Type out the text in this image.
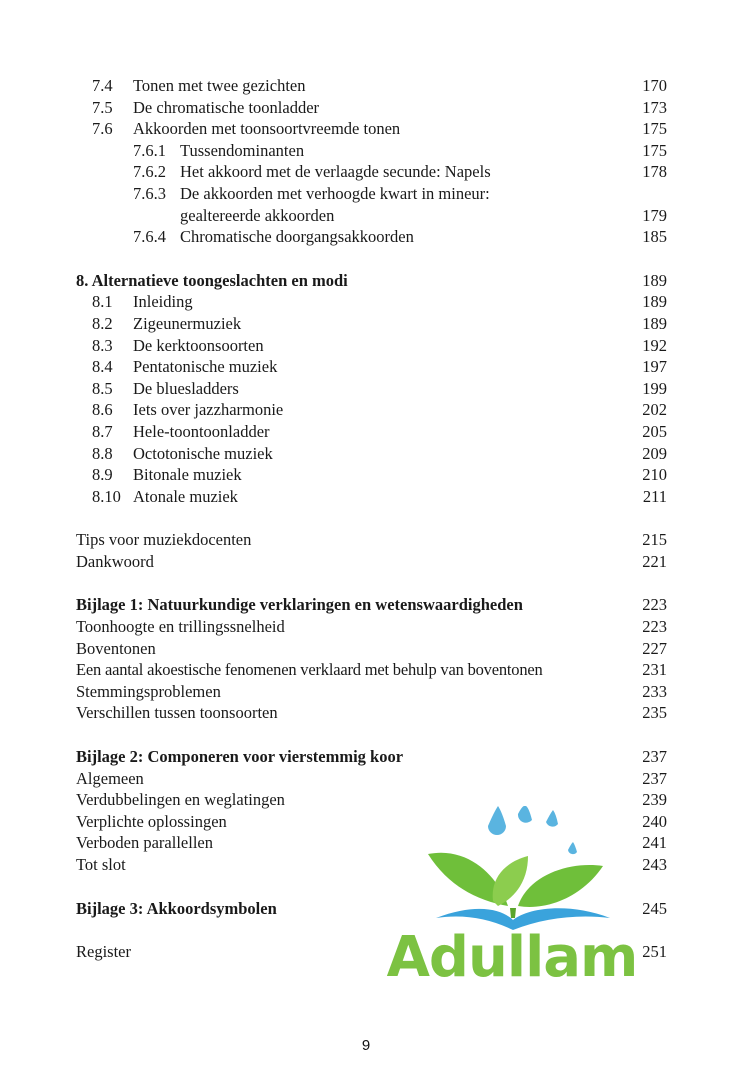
7.4 Tonen met twee gezichten	170
7.5 De chromatische toonladder	173
7.6 Akkoorden met toonsoortvreemde tonen	175
7.6.1 Tussendominanten	175
7.6.2 Het akkoord met de verlaagde secunde: Napels	178
7.6.3 De akkoorden met verhoogde kwart in mineur:
gealtereerde akkoorden	179
7.6.4 Chromatische doorgangsakkoorden	185
8. Alternatieve toongeslachten en modi	189
8.1 Inleiding	189
8.2 Zigeunermuziek	189
8.3 De kerktoonsoorten	192
8.4 Pentatonische muziek	197
8.5 De bluesladders	199
8.6 Iets over jazzharmonie	202
8.7 Hele-toontoonladder	205
8.8 Octotonische muziek	209
8.9 Bitonale muziek	210
8.10 Atonale muziek	211
Tips voor muziekdocenten	215
Dankwoord	221
Bijlage 1: Natuurkundige verklaringen en wetenswaardigheden	223
Toonhoogte en trillingssnelheid	223
Boventonen	227
Een aantal akoestische fenomenen verklaard met behulp van boventonen	231
Stemmingsproblemen	233
Verschillen tussen toonsoorten	235
Bijlage 2: Componeren voor vierstemmig koor	237
Algemeen	237
Verdubbelingen en weglatingen	239
Verplichte oplossingen	240
Verboden parallellen	241
Tot slot	243
Bijlage 3: Akkoordsymbolen	245
Register	251
Adullam
9
